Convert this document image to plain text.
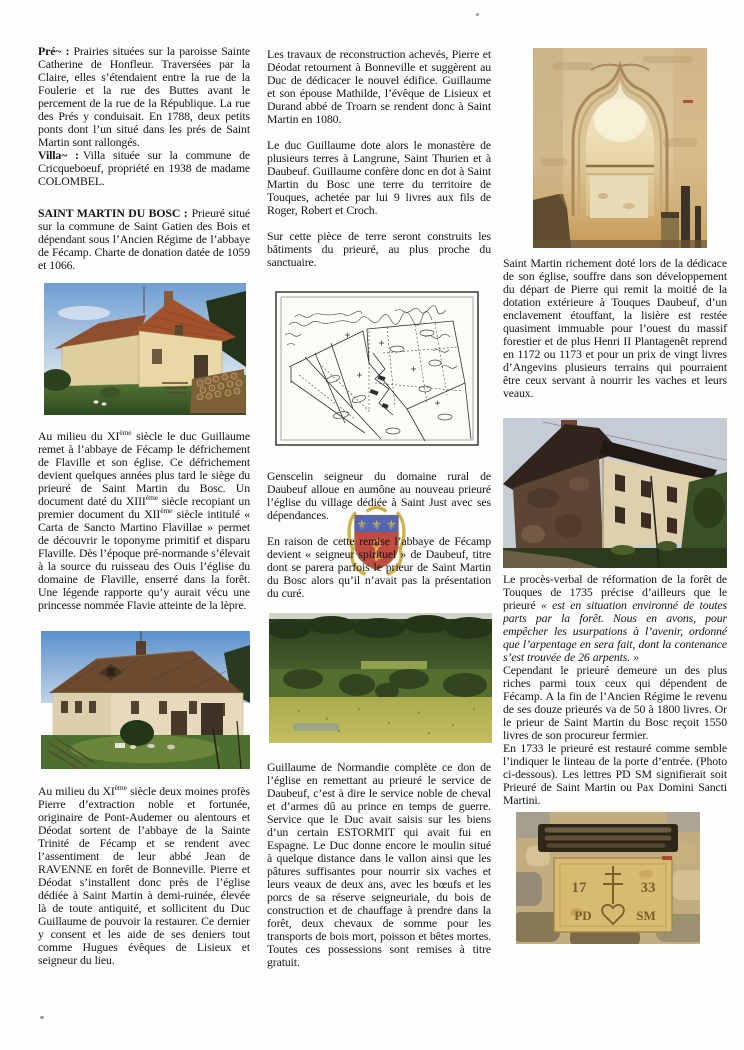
Pré~ : Prairies situées sur la paroisse Sainte Catherine de Honfleur. Traversées par la Claire, elles s’étendaient entre la rue de la Foulerie et la rue des Buttes avant le percement de la rue de la République. La rue des Prés y conduisait. En 1788, deux petits ponts dont l’un situé dans les prés de Saint Martin sont rallongés.

Villa~ : Villa située sur la commune de Cricqueboeuf, propriété en 1938 de madame COLOMBEL.

SAINT MARTIN DU BOSC : Prieuré situé sur la commune de Saint Gatien des Bois et dépendant sous l’Ancien Régime de l’abbaye de Fécamp. Charte de donation datée de 1059 et 1066.

Au milieu du XIème siècle le duc Guillaume remet à l’abbaye de Fécamp le défrichement de Flaville et son église. Ce défrichement devient quelques années plus tard le siège du prieuré de Saint Martin du Bosc. Un document daté du XIIIème siècle recopiant un premier document du XIIème siècle intitulé « Carta de Sancto Martino Flavillae » permet de découvrir le toponyme primitif et disparu Flaville. Dès l’époque pré-normande s’élevait à la source du ruisseau des Ouis l’église du domaine de Flaville, enserré dans la forêt. Une légende rapporte qu’y aurait vécu une princesse nommée Flavie atteinte de la lèpre.

Au milieu du XIème siècle deux moines profès Pierre d’extraction noble et fortunée, originaire de Pont-Audemer ou alentours et Déodat sortent de l’abbaye de la Sainte Trinité de Fécamp et se rendent avec l’assentiment de leur abbé Jean de RAVENNE en forêt de Bonneville. Pierre et Déodat s’installent donc près de l’église dédiée à Saint Martin à demi-ruinée, élevée là de toute antiquité, et sollicitent du Duc Guillaume de pouvoir la restaurer. Ce dernier y consent et les aide de ses deniers tout comme Hugues évêques de Lisieux et seigneur du lieu.

Les travaux de reconstruction achevés, Pierre et Déodat retournent à Bonneville et suggèrent au Duc de dédicacer le nouvel édifice. Guillaume et son épouse Mathilde, l’évêque de Lisieux et Durand abbé de Troarn se rendent donc à Saint Martin en 1080.

Le duc Guillaume dote alors le monastère de plusieurs terres à Langrune, Saint Thurien et à Daubeuf. Guillaume confère donc en dot à Saint Martin du Bosc une terre du territoire de Touques, achetée par lui 9 livres aux fils de Roger, Robert et Croch.

Sur cette pièce de terre seront construits les bâtiments du prieuré, au plus proche du sanctuaire.

⚜ ⚜ ⚜

Genscelin seigneur du domaine rural de Daubeuf alloue en aumône au nouveau prieuré l’église du village dédiée à Saint Just avec ses dépendances.

En raison de cette remise l’abbaye de Fécamp devient « seigneur spirituel » de Daubeuf, titre dont se parera parfois le prieur de Saint Martin du Bosc alors qu’il n’avait pas la présentation du curé.

Guillaume de Normandie complète ce don de l’église en remettant au prieuré le service de Daubeuf, c’est à dire le service noble de cheval et d’armes dû au prince en temps de guerre. Service que le Duc avait saisis sur les biens d’un certain ESTORMIT qui avait fui en Espagne. Le Duc donne encore le moulin situé à quelque distance dans le vallon ainsi que les pâtures suffisantes pour nourrir six vaches et leurs veaux de deux ans, avec les bœufs et les porcs de sa réserve seigneuriale, du bois de construction et de chauffage à prendre dans la forêt, deux chevaux de somme pour les transports de bois mort, poisson et bêtes mortes. Toutes ces possessions sont remises à titre gratuit.

Saint Martin richement doté lors de la dédicace de son église, souffre dans son développement du départ de Pierre qui remit la moitié de la dotation extérieure à Touques Daubeuf, d’un enclavement étouffant, la lisière est restée quasiment immuable pour l’ouest du massif forestier et de plus Henri II Plantagenêt reprend en 1172 ou 1173 et pour un prix de vingt livres d’Angevins plusieurs terrains qui pourraient être ceux servant à nourrir les vaches et leurs veaux.

Le procès-verbal de réformation de la forêt de Touques de 1735 précise d’ailleurs que le prieuré « est en situation environné de toutes parts par la forêt. Nous en avons, pour empêcher les usurpations à l’avenir, ordonné que l’arpentage en sera fait, dont la contenance s’est trouvée de 26 arpents. »

Cependant le prieuré demeure un des plus riches parmi toux ceux qui dépendent de Fécamp. A la fin de l’Ancien Régime le revenu de ses douze prieurés va de 50 à 1800 livres. Or le prieur de Saint Martin du Bosc reçoit 1550 livres de son procureur fermier.

En 1733 le prieuré est restauré comme semble l’indiquer le linteau de la porte d’entrée. (Photo ci-dessous). Les lettres PD SM signifierait soit Prieuré de Saint Martin ou Pax Domini Sancti Martini.

17	33
PD	SM
